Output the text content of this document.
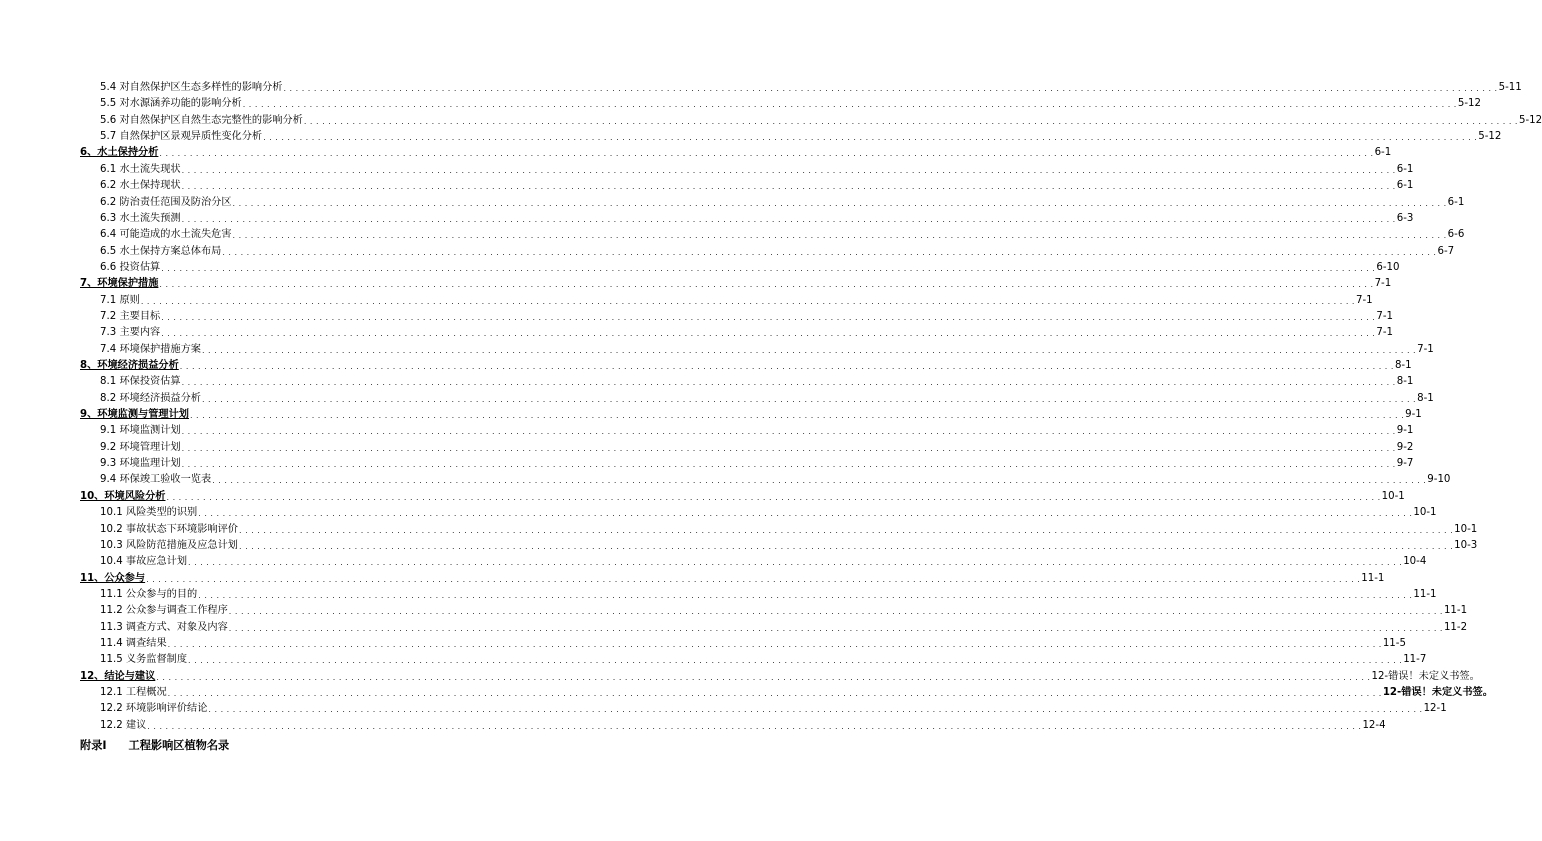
5.4 对自然保护区生态多样性的影响分析 . . . . . . . . . . . . . . . . . . . . . . . . . . . . . . . . . . . . . . . . . . . . . . . . . . . . . . . . . . . . . . . . . . . . . . . . . . . . . . . . . . . . . . . . . . . . . . . . . . . . . . . . . . . . . . . . . . . . . . . . . . . . . . . . . . . . . . . . . . . . . . . . . . . . . . . . . . . . . . . . . . . . . . . . . . . . . . . . . . . . . . . . . . . . . . . . . . . . . . . . 5-11
5.5 对水源涵养功能的影响分析 . . . . . . . . . . . . . . . . . . . . . . . . . . . . . . . . . . . . . . . . . . . . . . . . . . . . . . . . . . . . . . . . . . . . . . . . . . . . . . . . . . . . . . . . . . . . . . . . . . . . . . . . . . . . . . . . . . . . . . . . . . . . . . . . . . . . . . . . . . . . . . . . . . . . . . . . . . . . . . . . . . . . . . . . . . . . . . . . . . . . . . . . . . . . . . . . . . . . . . . . 5-12
5.6 对自然保护区自然生态完整性的影响分析 . . . . . . . . . . . . . . . . . . . . . . . . . . . . . . . . . . . . . . . . . . . . . . . . . . . . . . . . . . . . . . . . . . . . . . . . . . . . . . . . . . . . . . . . . . . . . . . . . . . . . . . . . . . . . . . . . . . . . . . . . . . . . . . . . . . . . . . . . . . . . . . . . . . . . . . . . . . . . . . . . . . . . . . . . . . . . . . . . . . . . . . . . . . . . . . . . . . . . . . . 5-12
5.7 自然保护区景观异质性变化分析 . . . . . . . . . . . . . . . . . . . . . . . . . . . . . . . . . . . . . . . . . . . . . . . . . . . . . . . . . . . . . . . . . . . . . . . . . . . . . . . . . . . . . . . . . . . . . . . . . . . . . . . . . . . . . . . . . . . . . . . . . . . . . . . . . . . . . . . . . . . . . . . . . . . . . . . . . . . . . . . . . . . . . . . . . . . . . . . . . . . . . . . . . . . . . . . . . . . . . . . . 5-12
6、水土保持分析 . . . . . . . . . . . . . . . . . . . . . . . . . . . . . . . . . . . . . . . . . . . . . . . . . . . . . . . . . . . . . . . . . . . . . . . . . . . . . . . . . . . . . . . . . . . . . . . . . . . . . . . . . . . . . . . . . . . . . . . . . . . . . . . . . . . . . . . . . . . . . . . . . . . . . . . . . . . . . . . . . . . . . . . . . . . . . . . . . . . . . . . . . . . . . . . . . . . . . . . . 6-1
6.1 水土流失现状 . . . . . . . . . . . . . . . . . . . . . . . . . . . . . . . . . . . . . . . . . . . . . . . . . . . . . . . . . . . . . . . . . . . . . . . . . . . . . . . . . . . . . . . . . . . . . . . . . . . . . . . . . . . . . . . . . . . . . . . . . . . . . . . . . . . . . . . . . . . . . . . . . . . . . . . . . . . . . . . . . . . . . . . . . . . . . . . . . . . . . . . . . . . . . . . . . . . . . . . . 6-1
6.2 水土保持现状 . . . . . . . . . . . . . . . . . . . . . . . . . . . . . . . . . . . . . . . . . . . . . . . . . . . . . . . . . . . . . . . . . . . . . . . . . . . . . . . . . . . . . . . . . . . . . . . . . . . . . . . . . . . . . . . . . . . . . . . . . . . . . . . . . . . . . . . . . . . . . . . . . . . . . . . . . . . . . . . . . . . . . . . . . . . . . . . . . . . . . . . . . . . . . . . . . . . . . . . . 6-1
6.2 防治责任范围及防治分区 . . . . . . . . . . . . . . . . . . . . . . . . . . . . . . . . . . . . . . . . . . . . . . . . . . . . . . . . . . . . . . . . . . . . . . . . . . . . . . . . . . . . . . . . . . . . . . . . . . . . . . . . . . . . . . . . . . . . . . . . . . . . . . . . . . . . . . . . . . . . . . . . . . . . . . . . . . . . . . . . . . . . . . . . . . . . . . . . . . . . . . . . . . . . . . . . . . . . . . . . 6-1
6.3 水土流失预测 . . . . . . . . . . . . . . . . . . . . . . . . . . . . . . . . . . . . . . . . . . . . . . . . . . . . . . . . . . . . . . . . . . . . . . . . . . . . . . . . . . . . . . . . . . . . . . . . . . . . . . . . . . . . . . . . . . . . . . . . . . . . . . . . . . . . . . . . . . . . . . . . . . . . . . . . . . . . . . . . . . . . . . . . . . . . . . . . . . . . . . . . . . . . . . . . . . . . . . . . 6-3
6.4 可能造成的水土流失危害 . . . . . . . . . . . . . . . . . . . . . . . . . . . . . . . . . . . . . . . . . . . . . . . . . . . . . . . . . . . . . . . . . . . . . . . . . . . . . . . . . . . . . . . . . . . . . . . . . . . . . . . . . . . . . . . . . . . . . . . . . . . . . . . . . . . . . . . . . . . . . . . . . . . . . . . . . . . . . . . . . . . . . . . . . . . . . . . . . . . . . . . . . . . . . . . . . . . . . . . . 6-6
6.5 水土保持方案总体布局 . . . . . . . . . . . . . . . . . . . . . . . . . . . . . . . . . . . . . . . . . . . . . . . . . . . . . . . . . . . . . . . . . . . . . . . . . . . . . . . . . . . . . . . . . . . . . . . . . . . . . . . . . . . . . . . . . . . . . . . . . . . . . . . . . . . . . . . . . . . . . . . . . . . . . . . . . . . . . . . . . . . . . . . . . . . . . . . . . . . . . . . . . . . . . . . . . . . . . . . . 6-7
6.6 投资估算 . . . . . . . . . . . . . . . . . . . . . . . . . . . . . . . . . . . . . . . . . . . . . . . . . . . . . . . . . . . . . . . . . . . . . . . . . . . . . . . . . . . . . . . . . . . . . . . . . . . . . . . . . . . . . . . . . . . . . . . . . . . . . . . . . . . . . . . . . . . . . . . . . . . . . . . . . . . . . . . . . . . . . . . . . . . . . . . . . . . . . . . . . . . . . . . . . . . . . . . . 6-10
7、环境保护措施 . . . . . . . . . . . . . . . . . . . . . . . . . . . . . . . . . . . . . . . . . . . . . . . . . . . . . . . . . . . . . . . . . . . . . . . . . . . . . . . . . . . . . . . . . . . . . . . . . . . . . . . . . . . . . . . . . . . . . . . . . . . . . . . . . . . . . . . . . . . . . . . . . . . . . . . . . . . . . . . . . . . . . . . . . . . . . . . . . . . . . . . . . . . . . . . . . . . . . . . . 7-1
7.1 原则 . . . . . . . . . . . . . . . . . . . . . . . . . . . . . . . . . . . . . . . . . . . . . . . . . . . . . . . . . . . . . . . . . . . . . . . . . . . . . . . . . . . . . . . . . . . . . . . . . . . . . . . . . . . . . . . . . . . . . . . . . . . . . . . . . . . . . . . . . . . . . . . . . . . . . . . . . . . . . . . . . . . . . . . . . . . . . . . . . . . . . . . . . . . . . . . . . . . . . . . . 7-1
7.2 主要目标 . . . . . . . . . . . . . . . . . . . . . . . . . . . . . . . . . . . . . . . . . . . . . . . . . . . . . . . . . . . . . . . . . . . . . . . . . . . . . . . . . . . . . . . . . . . . . . . . . . . . . . . . . . . . . . . . . . . . . . . . . . . . . . . . . . . . . . . . . . . . . . . . . . . . . . . . . . . . . . . . . . . . . . . . . . . . . . . . . . . . . . . . . . . . . . . . . . . . . . . . 7-1
7.3 主要内容 . . . . . . . . . . . . . . . . . . . . . . . . . . . . . . . . . . . . . . . . . . . . . . . . . . . . . . . . . . . . . . . . . . . . . . . . . . . . . . . . . . . . . . . . . . . . . . . . . . . . . . . . . . . . . . . . . . . . . . . . . . . . . . . . . . . . . . . . . . . . . . . . . . . . . . . . . . . . . . . . . . . . . . . . . . . . . . . . . . . . . . . . . . . . . . . . . . . . . . . . 7-1
7.4 环境保护措施方案 . . . . . . . . . . . . . . . . . . . . . . . . . . . . . . . . . . . . . . . . . . . . . . . . . . . . . . . . . . . . . . . . . . . . . . . . . . . . . . . . . . . . . . . . . . . . . . . . . . . . . . . . . . . . . . . . . . . . . . . . . . . . . . . . . . . . . . . . . . . . . . . . . . . . . . . . . . . . . . . . . . . . . . . . . . . . . . . . . . . . . . . . . . . . . . . . . . . . . . . . 7-1
8、环境经济损益分析 . . . . . . . . . . . . . . . . . . . . . . . . . . . . . . . . . . . . . . . . . . . . . . . . . . . . . . . . . . . . . . . . . . . . . . . . . . . . . . . . . . . . . . . . . . . . . . . . . . . . . . . . . . . . . . . . . . . . . . . . . . . . . . . . . . . . . . . . . . . . . . . . . . . . . . . . . . . . . . . . . . . . . . . . . . . . . . . . . . . . . . . . . . . . . . . . . . . . . . . . 8-1
8.1 环保投资估算 . . . . . . . . . . . . . . . . . . . . . . . . . . . . . . . . . . . . . . . . . . . . . . . . . . . . . . . . . . . . . . . . . . . . . . . . . . . . . . . . . . . . . . . . . . . . . . . . . . . . . . . . . . . . . . . . . . . . . . . . . . . . . . . . . . . . . . . . . . . . . . . . . . . . . . . . . . . . . . . . . . . . . . . . . . . . . . . . . . . . . . . . . . . . . . . . . . . . . . . . 8-1
8.2 环境经济损益分析 . . . . . . . . . . . . . . . . . . . . . . . . . . . . . . . . . . . . . . . . . . . . . . . . . . . . . . . . . . . . . . . . . . . . . . . . . . . . . . . . . . . . . . . . . . . . . . . . . . . . . . . . . . . . . . . . . . . . . . . . . . . . . . . . . . . . . . . . . . . . . . . . . . . . . . . . . . . . . . . . . . . . . . . . . . . . . . . . . . . . . . . . . . . . . . . . . . . . . . . . 8-1
9、环境监测与管理计划 . . . . . . . . . . . . . . . . . . . . . . . . . . . . . . . . . . . . . . . . . . . . . . . . . . . . . . . . . . . . . . . . . . . . . . . . . . . . . . . . . . . . . . . . . . . . . . . . . . . . . . . . . . . . . . . . . . . . . . . . . . . . . . . . . . . . . . . . . . . . . . . . . . . . . . . . . . . . . . . . . . . . . . . . . . . . . . . . . . . . . . . . . . . . . . . . . . . . . . . . 9-1
9.1 环境监测计划 . . . . . . . . . . . . . . . . . . . . . . . . . . . . . . . . . . . . . . . . . . . . . . . . . . . . . . . . . . . . . . . . . . . . . . . . . . . . . . . . . . . . . . . . . . . . . . . . . . . . . . . . . . . . . . . . . . . . . . . . . . . . . . . . . . . . . . . . . . . . . . . . . . . . . . . . . . . . . . . . . . . . . . . . . . . . . . . . . . . . . . . . . . . . . . . . . . . . . . . . 9-1
9.2 环境管理计划 . . . . . . . . . . . . . . . . . . . . . . . . . . . . . . . . . . . . . . . . . . . . . . . . . . . . . . . . . . . . . . . . . . . . . . . . . . . . . . . . . . . . . . . . . . . . . . . . . . . . . . . . . . . . . . . . . . . . . . . . . . . . . . . . . . . . . . . . . . . . . . . . . . . . . . . . . . . . . . . . . . . . . . . . . . . . . . . . . . . . . . . . . . . . . . . . . . . . . . . . 9-2
9.3 环境监理计划 . . . . . . . . . . . . . . . . . . . . . . . . . . . . . . . . . . . . . . . . . . . . . . . . . . . . . . . . . . . . . . . . . . . . . . . . . . . . . . . . . . . . . . . . . . . . . . . . . . . . . . . . . . . . . . . . . . . . . . . . . . . . . . . . . . . . . . . . . . . . . . . . . . . . . . . . . . . . . . . . . . . . . . . . . . . . . . . . . . . . . . . . . . . . . . . . . . . . . . . . 9-7
9.4 环保竣工验收一览表 . . . . . . . . . . . . . . . . . . . . . . . . . . . . . . . . . . . . . . . . . . . . . . . . . . . . . . . . . . . . . . . . . . . . . . . . . . . . . . . . . . . . . . . . . . . . . . . . . . . . . . . . . . . . . . . . . . . . . . . . . . . . . . . . . . . . . . . . . . . . . . . . . . . . . . . . . . . . . . . . . . . . . . . . . . . . . . . . . . . . . . . . . . . . . . . . . . . . . . . . 9-10
10、环境风险分析 . . . . . . . . . . . . . . . . . . . . . . . . . . . . . . . . . . . . . . . . . . . . . . . . . . . . . . . . . . . . . . . . . . . . . . . . . . . . . . . . . . . . . . . . . . . . . . . . . . . . . . . . . . . . . . . . . . . . . . . . . . . . . . . . . . . . . . . . . . . . . . . . . . . . . . . . . . . . . . . . . . . . . . . . . . . . . . . . . . . . . . . . . . . . . . . . . . . . . . . . 10-1
10.1 风险类型的识别 . . . . . . . . . . . . . . . . . . . . . . . . . . . . . . . . . . . . . . . . . . . . . . . . . . . . . . . . . . . . . . . . . . . . . . . . . . . . . . . . . . . . . . . . . . . . . . . . . . . . . . . . . . . . . . . . . . . . . . . . . . . . . . . . . . . . . . . . . . . . . . . . . . . . . . . . . . . . . . . . . . . . . . . . . . . . . . . . . . . . . . . . . . . . . . . . . . . . . . . . 10-1
10.2 事故状态下环境影响评价 . . . . . . . . . . . . . . . . . . . . . . . . . . . . . . . . . . . . . . . . . . . . . . . . . . . . . . . . . . . . . . . . . . . . . . . . . . . . . . . . . . . . . . . . . . . . . . . . . . . . . . . . . . . . . . . . . . . . . . . . . . . . . . . . . . . . . . . . . . . . . . . . . . . . . . . . . . . . . . . . . . . . . . . . . . . . . . . . . . . . . . . . . . . . . . . . . . . . . . . . 10-1
10.3 风险防范措施及应急计划 . . . . . . . . . . . . . . . . . . . . . . . . . . . . . . . . . . . . . . . . . . . . . . . . . . . . . . . . . . . . . . . . . . . . . . . . . . . . . . . . . . . . . . . . . . . . . . . . . . . . . . . . . . . . . . . . . . . . . . . . . . . . . . . . . . . . . . . . . . . . . . . . . . . . . . . . . . . . . . . . . . . . . . . . . . . . . . . . . . . . . . . . . . . . . . . . . . . . . . . . 10-3
10.4 事故应急计划 . . . . . . . . . . . . . . . . . . . . . . . . . . . . . . . . . . . . . . . . . . . . . . . . . . . . . . . . . . . . . . . . . . . . . . . . . . . . . . . . . . . . . . . . . . . . . . . . . . . . . . . . . . . . . . . . . . . . . . . . . . . . . . . . . . . . . . . . . . . . . . . . . . . . . . . . . . . . . . . . . . . . . . . . . . . . . . . . . . . . . . . . . . . . . . . . . . . . . . . . 10-4
11、公众参与 . . . . . . . . . . . . . . . . . . . . . . . . . . . . . . . . . . . . . . . . . . . . . . . . . . . . . . . . . . . . . . . . . . . . . . . . . . . . . . . . . . . . . . . . . . . . . . . . . . . . . . . . . . . . . . . . . . . . . . . . . . . . . . . . . . . . . . . . . . . . . . . . . . . . . . . . . . . . . . . . . . . . . . . . . . . . . . . . . . . . . . . . . . . . . . . . . . . . . . . . 11-1
11.1 公众参与的目的 . . . . . . . . . . . . . . . . . . . . . . . . . . . . . . . . . . . . . . . . . . . . . . . . . . . . . . . . . . . . . . . . . . . . . . . . . . . . . . . . . . . . . . . . . . . . . . . . . . . . . . . . . . . . . . . . . . . . . . . . . . . . . . . . . . . . . . . . . . . . . . . . . . . . . . . . . . . . . . . . . . . . . . . . . . . . . . . . . . . . . . . . . . . . . . . . . . . . . . . . 11-1
11.2 公众参与调查工作程序 . . . . . . . . . . . . . . . . . . . . . . . . . . . . . . . . . . . . . . . . . . . . . . . . . . . . . . . . . . . . . . . . . . . . . . . . . . . . . . . . . . . . . . . . . . . . . . . . . . . . . . . . . . . . . . . . . . . . . . . . . . . . . . . . . . . . . . . . . . . . . . . . . . . . . . . . . . . . . . . . . . . . . . . . . . . . . . . . . . . . . . . . . . . . . . . . . . . . . . . . 11-1
11.3 调查方式、对象及内容 . . . . . . . . . . . . . . . . . . . . . . . . . . . . . . . . . . . . . . . . . . . . . . . . . . . . . . . . . . . . . . . . . . . . . . . . . . . . . . . . . . . . . . . . . . . . . . . . . . . . . . . . . . . . . . . . . . . . . . . . . . . . . . . . . . . . . . . . . . . . . . . . . . . . . . . . . . . . . . . . . . . . . . . . . . . . . . . . . . . . . . . . . . . . . . . . . . . . . . . . 11-2
11.4 调查结果 . . . . . . . . . . . . . . . . . . . . . . . . . . . . . . . . . . . . . . . . . . . . . . . . . . . . . . . . . . . . . . . . . . . . . . . . . . . . . . . . . . . . . . . . . . . . . . . . . . . . . . . . . . . . . . . . . . . . . . . . . . . . . . . . . . . . . . . . . . . . . . . . . . . . . . . . . . . . . . . . . . . . . . . . . . . . . . . . . . . . . . . . . . . . . . . . . . . . . . . . 11-5
11.5 义务监督制度 . . . . . . . . . . . . . . . . . . . . . . . . . . . . . . . . . . . . . . . . . . . . . . . . . . . . . . . . . . . . . . . . . . . . . . . . . . . . . . . . . . . . . . . . . . . . . . . . . . . . . . . . . . . . . . . . . . . . . . . . . . . . . . . . . . . . . . . . . . . . . . . . . . . . . . . . . . . . . . . . . . . . . . . . . . . . . . . . . . . . . . . . . . . . . . . . . . . . . . . . 11-7
12、结论与建议 . . . . . . . . . . . . . . . . . . . . . . . . . . . . . . . . . . . . . . . . . . . . . . . . . . . . . . . . . . . . . . . . . . . . . . . . . . . . . . . . . . . . . . . . . . . . . . . . . . . . . . . . . . . . . . . . . . . . . . . . . . . . . . . . . . . . . . . . . . . . . . . . . . . . . . . . . . . . . . . . . . . . . . . . . . . . . . . . . . . . . . . . . . . . . . . . . . . . . . . . 12-错误！未定义书签。
12.1 工程概况 . . . . . . . . . . . . . . . . . . . . . . . . . . . . . . . . . . . . . . . . . . . . . . . . . . . . . . . . . . . . . . . . . . . . . . . . . . . . . . . . . . . . . . . . . . . . . . . . . . . . . . . . . . . . . . . . . . . . . . . . . . . . . . . . . . . . . . . . . . . . . . . . . . . . . . . . . . . . . . . . . . . . . . . . . . . . . . . . . . . . . . . . . . . . . . . . . . . . . . . . 12-错误！未定义书签。
12.2 环境影响评价结论 . . . . . . . . . . . . . . . . . . . . . . . . . . . . . . . . . . . . . . . . . . . . . . . . . . . . . . . . . . . . . . . . . . . . . . . . . . . . . . . . . . . . . . . . . . . . . . . . . . . . . . . . . . . . . . . . . . . . . . . . . . . . . . . . . . . . . . . . . . . . . . . . . . . . . . . . . . . . . . . . . . . . . . . . . . . . . . . . . . . . . . . . . . . . . . . . . . . . . . . . 12-1
12.2 建议 . . . . . . . . . . . . . . . . . . . . . . . . . . . . . . . . . . . . . . . . . . . . . . . . . . . . . . . . . . . . . . . . . . . . . . . . . . . . . . . . . . . . . . . . . . . . . . . . . . . . . . . . . . . . . . . . . . . . . . . . . . . . . . . . . . . . . . . . . . . . . . . . . . . . . . . . . . . . . . . . . . . . . . . . . . . . . . . . . . . . . . . . . . . . . . . . . . . . . . . . 12-4
附录Ⅰ 工程影响区植物名录
